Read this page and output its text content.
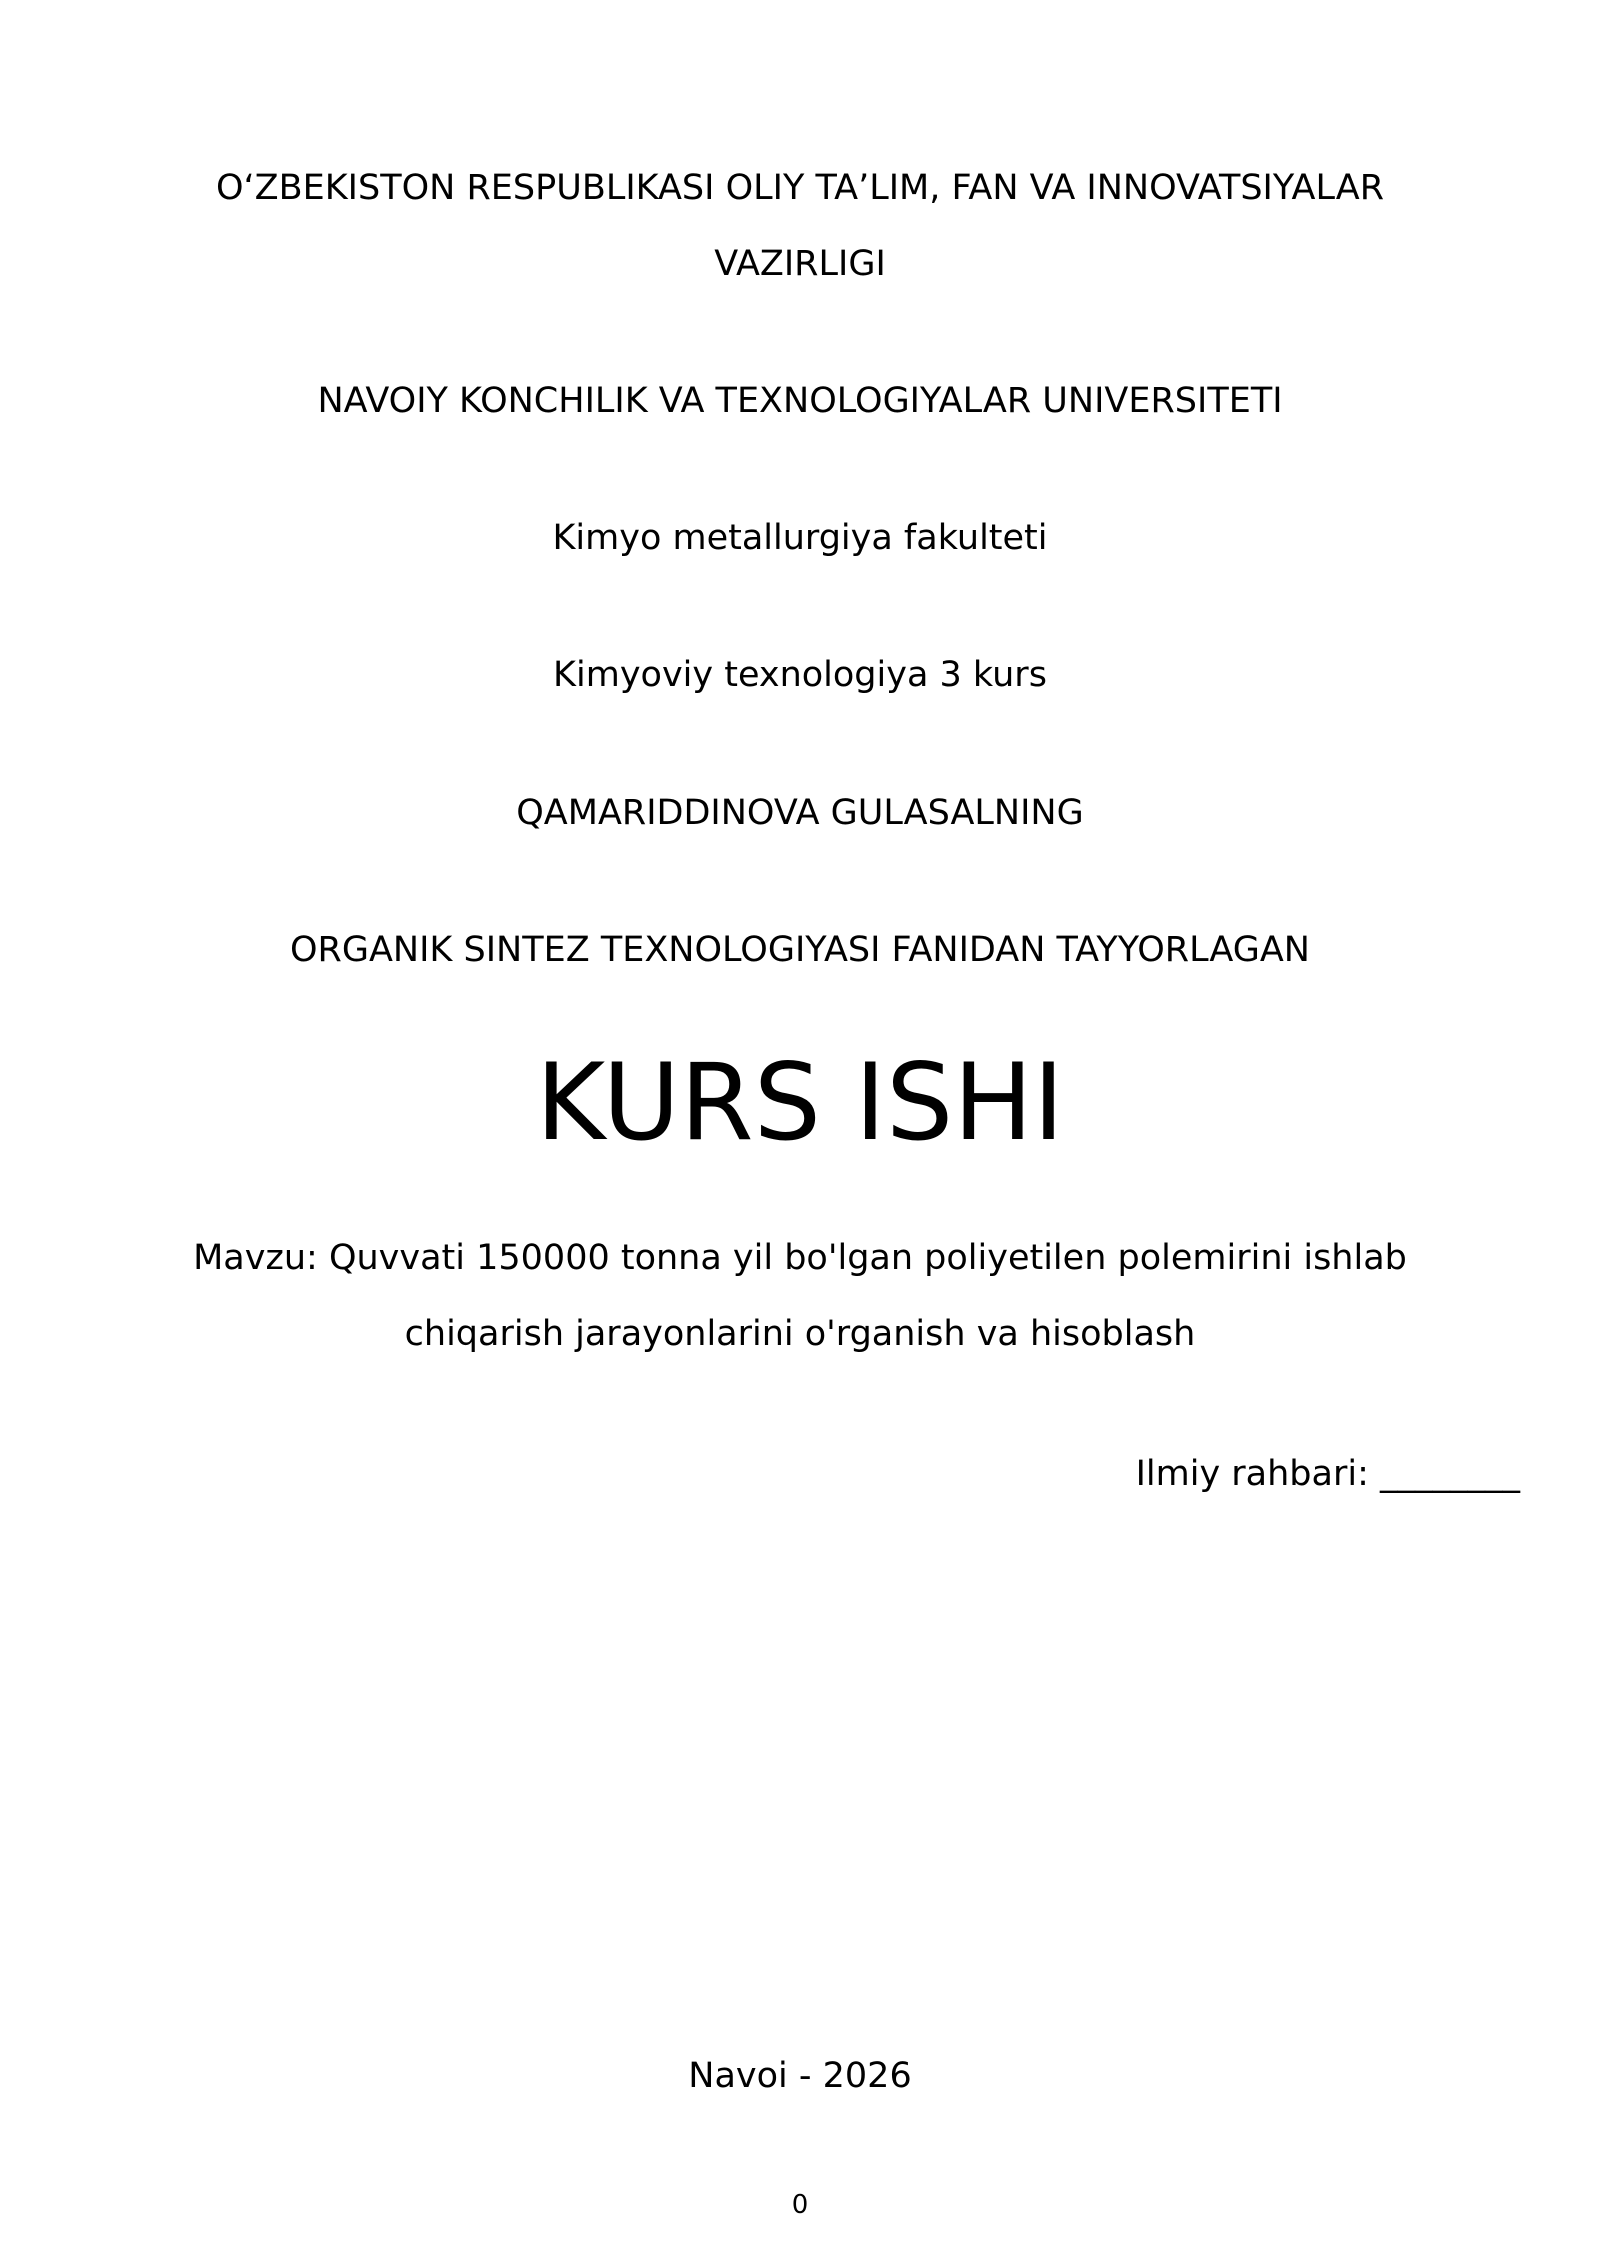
O‘ZBEKISTON RESPUBLIKASI OLIY TA’LIM, FAN VA INNOVATSIYALAR
VAZIRLIGI
NAVOIY KONCHILIK VA TEXNOLOGIYALAR UNIVERSITETI
Kimyo metallurgiya fakulteti
Kimyoviy texnologiya 3 kurs
QAMARIDDINOVA GULASALNING
ORGANIK SINTEZ TEXNOLOGIYASI FANIDAN TAYYORLAGAN
KURS ISHI
Mavzu: Quvvati 150000 tonna yil bo'lgan poliyetilen polemirini ishlab
chiqarish jarayonlarini o'rganish va hisoblash
Ilmiy rahbari: ________
Navoi - 2026
0
